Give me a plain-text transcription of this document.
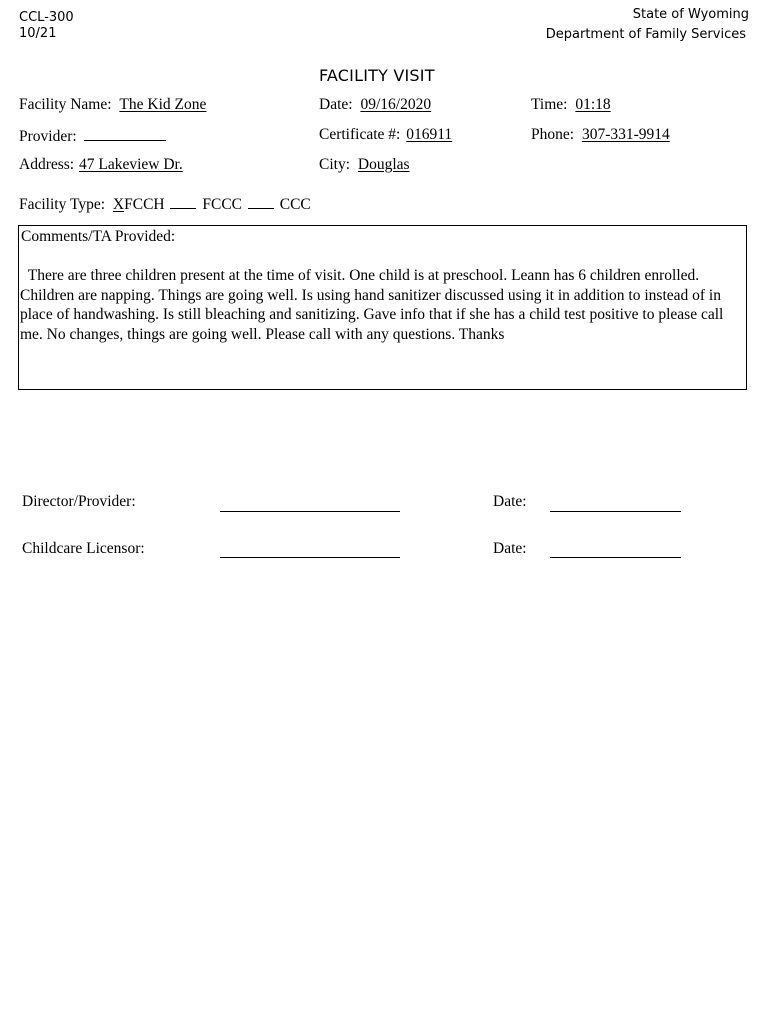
CCL-300
10/21
State of Wyoming
Department of Family Services
FACILITY VISIT
Facility Name: The Kid Zone	Date: 09/16/2020	Time: 01:18
Provider:	Certificate #: 016911	Phone: 307-331-9914
Address: 47 Lakeview Dr.	City: Douglas
Facility Type: XFCCH FCCC CCC
Comments/TA Provided:
There are three children present at the time of visit. One child is at preschool. Leann has 6 children enrolled. Children are napping. Things are going well. Is using hand sanitizer discussed using it in addition to instead of in place of handwashing. Is still bleaching and sanitizing. Gave info that if she has a child test positive to please call me. No changes, things are going well. Please call with any questions. Thanks
Director/Provider:	Date:
Childcare Licensor:	Date:
